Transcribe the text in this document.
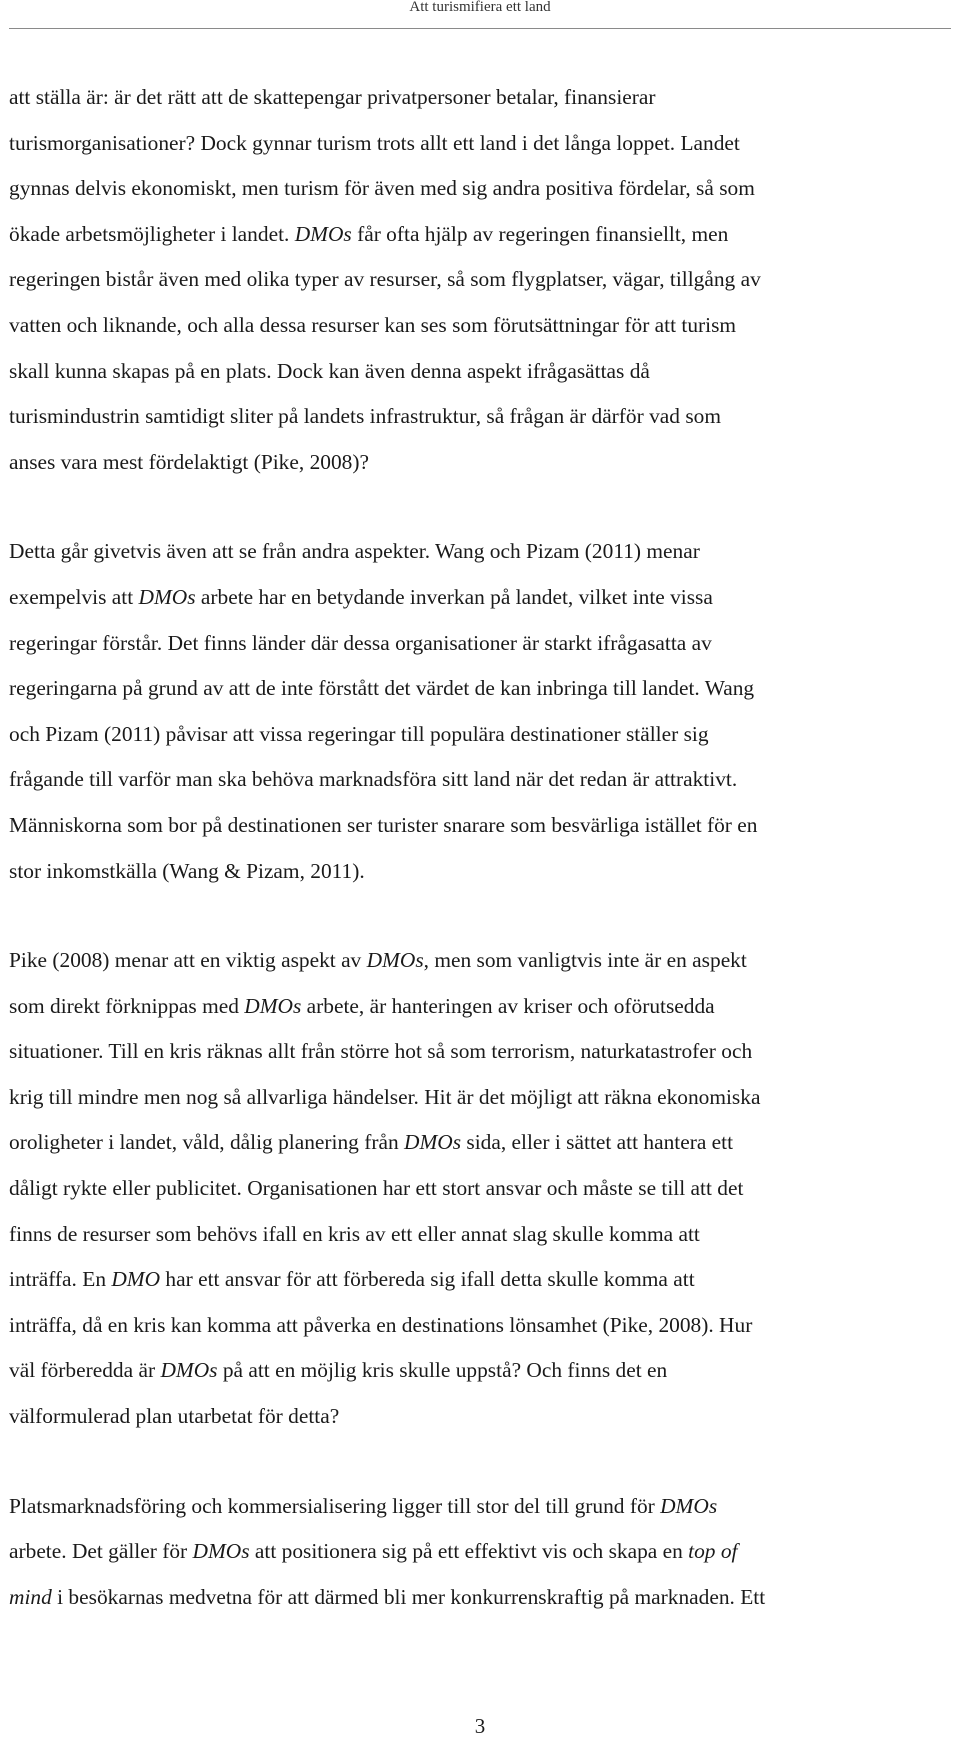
Att turismifiera ett land

att ställa är: är det rätt att de skattepengar privatpersoner betalar, finansierar
turismorganisationer? Dock gynnar turism trots allt ett land i det långa loppet. Landet
gynnas delvis ekonomiskt, men turism för även med sig andra positiva fördelar, så som
ökade arbetsmöjligheter i landet. DMOs får ofta hjälp av regeringen finansiellt, men
regeringen bistår även med olika typer av resurser, så som flygplatser, vägar, tillgång av
vatten och liknande, och alla dessa resurser kan ses som förutsättningar för att turism
skall kunna skapas på en plats. Dock kan även denna aspekt ifrågasättas då
turismindustrin samtidigt sliter på landets infrastruktur, så frågan är därför vad som
anses vara mest fördelaktigt (Pike, 2008)?

Detta går givetvis även att se från andra aspekter. Wang och Pizam (2011) menar
exempelvis att DMOs arbete har en betydande inverkan på landet, vilket inte vissa
regeringar förstår. Det finns länder där dessa organisationer är starkt ifrågasatta av
regeringarna på grund av att de inte förstått det värdet de kan inbringa till landet. Wang
och Pizam (2011) påvisar att vissa regeringar till populära destinationer ställer sig
frågande till varför man ska behöva marknadsföra sitt land när det redan är attraktivt.
Människorna som bor på destinationen ser turister snarare som besvärliga istället för en
stor inkomstkälla (Wang & Pizam, 2011).

Pike (2008) menar att en viktig aspekt av DMOs, men som vanligtvis inte är en aspekt
som direkt förknippas med DMOs arbete, är hanteringen av kriser och oförutsedda
situationer. Till en kris räknas allt från större hot så som terrorism, naturkatastrofer och
krig till mindre men nog så allvarliga händelser. Hit är det möjligt att räkna ekonomiska
oroligheter i landet, våld, dålig planering från DMOs sida, eller i sättet att hantera ett
dåligt rykte eller publicitet. Organisationen har ett stort ansvar och måste se till att det
finns de resurser som behövs ifall en kris av ett eller annat slag skulle komma att
inträffa. En DMO har ett ansvar för att förbereda sig ifall detta skulle komma att
inträffa, då en kris kan komma att påverka en destinations lönsamhet (Pike, 2008). Hur
väl förberedda är DMOs på att en möjlig kris skulle uppstå? Och finns det en
välformulerad plan utarbetat för detta?

Platsmarknadsföring och kommersialisering ligger till stor del till grund för DMOs
arbete. Det gäller för DMOs att positionera sig på ett effektivt vis och skapa en top of
mind i besökarnas medvetna för att därmed bli mer konkurrenskraftig på marknaden. Ett

3
